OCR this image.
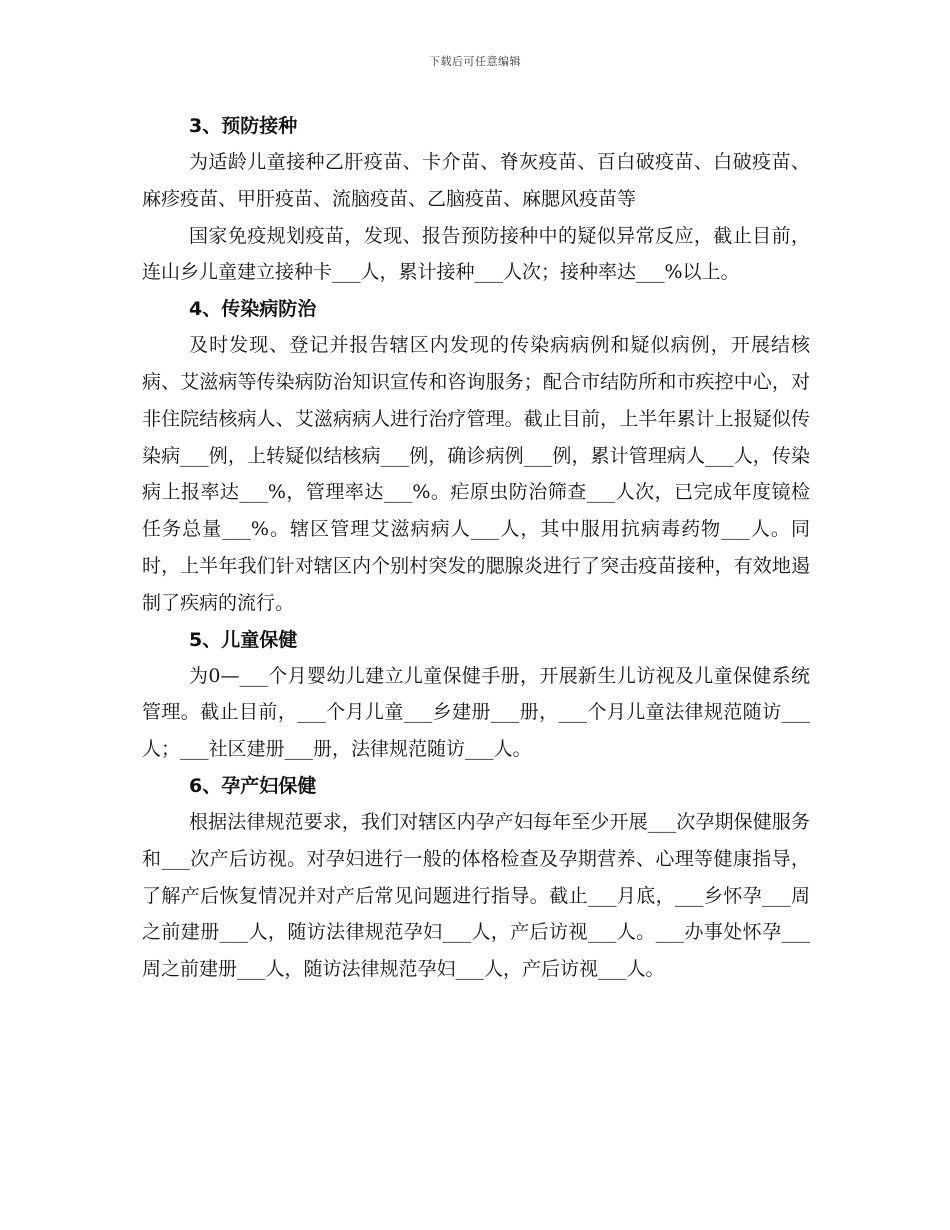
下载后可任意编辑
3、预防接种

为适龄儿童接种乙肝疫苗、卡介苗、脊灰疫苗、百白破疫苗、白破疫苗、麻疹疫苗、甲肝疫苗、流脑疫苗、乙脑疫苗、麻腮风疫苗等

国家免疫规划疫苗，发现、报告预防接种中的疑似异常反应，截止目前，连山乡儿童建立接种卡___人，累计接种___人次；接种率达___%以上。

4、传染病防治

及时发现、登记并报告辖区内发现的传染病病例和疑似病例，开展结核病、艾滋病等传染病防治知识宣传和咨询服务；配合市结防所和市疾控中心，对非住院结核病人、艾滋病病人进行治疗管理。截止目前，上半年累计上报疑似传染病___例，上转疑似结核病___例，确诊病例___例，累计管理病人___人，传染病上报率达___%，管理率达___%。疟原虫防治筛查___人次，已完成年度镜检任务总量___%。辖区管理艾滋病病人___人，其中服用抗病毒药物___人。同时，上半年我们针对辖区内个别村突发的腮腺炎进行了突击疫苗接种，有效地遏制了疾病的流行。

5、儿童保健

为0—___个月婴幼儿建立儿童保健手册，开展新生儿访视及儿童保健系统管理。截止目前，___个月儿童___乡建册___册，___个月儿童法律规范随访___人；___社区建册___册，法律规范随访___人。

6、孕产妇保健

根据法律规范要求，我们对辖区内孕产妇每年至少开展___次孕期保健服务和___次产后访视。对孕妇进行一般的体格检查及孕期营养、心理等健康指导，了解产后恢复情况并对产后常见问题进行指导。截止___月底，___乡怀孕___周之前建册___人，随访法律规范孕妇___人，产后访视___人。___办事处怀孕___周之前建册___人，随访法律规范孕妇___人，产后访视___人。
